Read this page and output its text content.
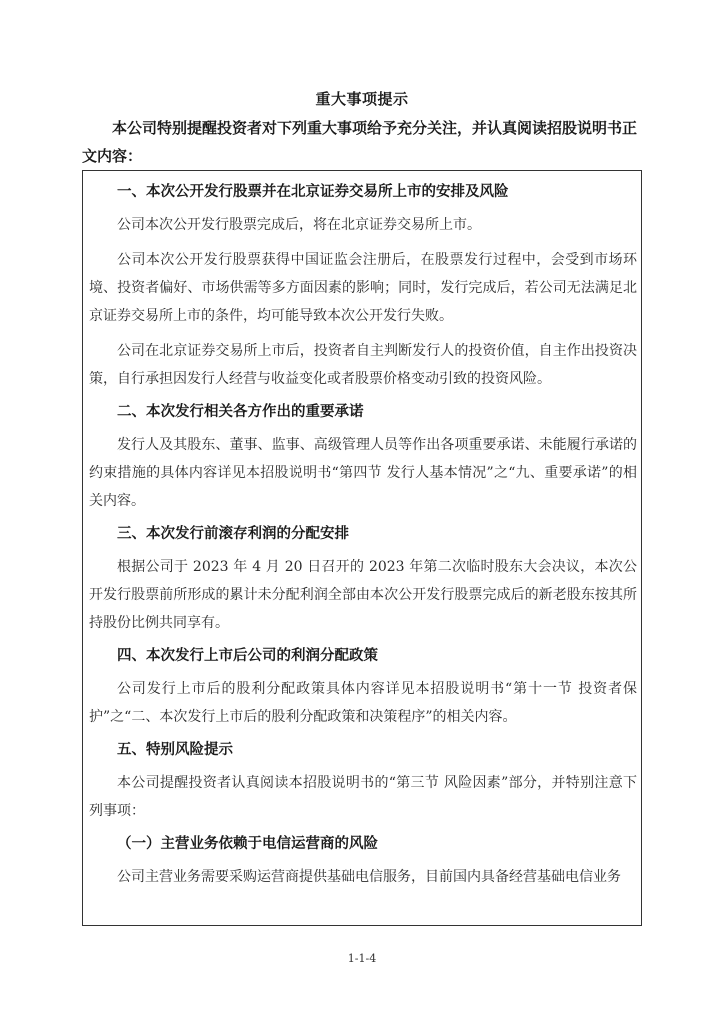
重大事项提示

本公司特别提醒投资者对下列重大事项给予充分关注，并认真阅读招股说明书正文内容：

一、本次公开发行股票并在北京证券交易所上市的安排及风险

公司本次公开发行股票完成后，将在北京证券交易所上市。

公司本次公开发行股票获得中国证监会注册后，在股票发行过程中，会受到市场环境、投资者偏好、市场供需等多方面因素的影响；同时，发行完成后，若公司无法满足北京证券交易所上市的条件，均可能导致本次公开发行失败。

公司在北京证券交易所上市后，投资者自主判断发行人的投资价值，自主作出投资决策，自行承担因发行人经营与收益变化或者股票价格变动引致的投资风险。

二、本次发行相关各方作出的重要承诺

发行人及其股东、董事、监事、高级管理人员等作出各项重要承诺、未能履行承诺的约束措施的具体内容详见本招股说明书“第四节 发行人基本情况”之“九、重要承诺”的相关内容。

三、本次发行前滚存利润的分配安排

根据公司于 2023 年 4 月 20 日召开的 2023 年第二次临时股东大会决议，本次公开发行股票前所形成的累计未分配利润全部由本次公开发行股票完成后的新老股东按其所持股份比例共同享有。

四、本次发行上市后公司的利润分配政策

公司发行上市后的股利分配政策具体内容详见本招股说明书“第十一节 投资者保护”之“二、本次发行上市后的股利分配政策和决策程序”的相关内容。

五、特别风险提示

本公司提醒投资者认真阅读本招股说明书的“第三节 风险因素”部分，并特别注意下列事项：

（一）主营业务依赖于电信运营商的风险

公司主营业务需要采购运营商提供基础电信服务，目前国内具备经营基础电信业务

1-1-4
